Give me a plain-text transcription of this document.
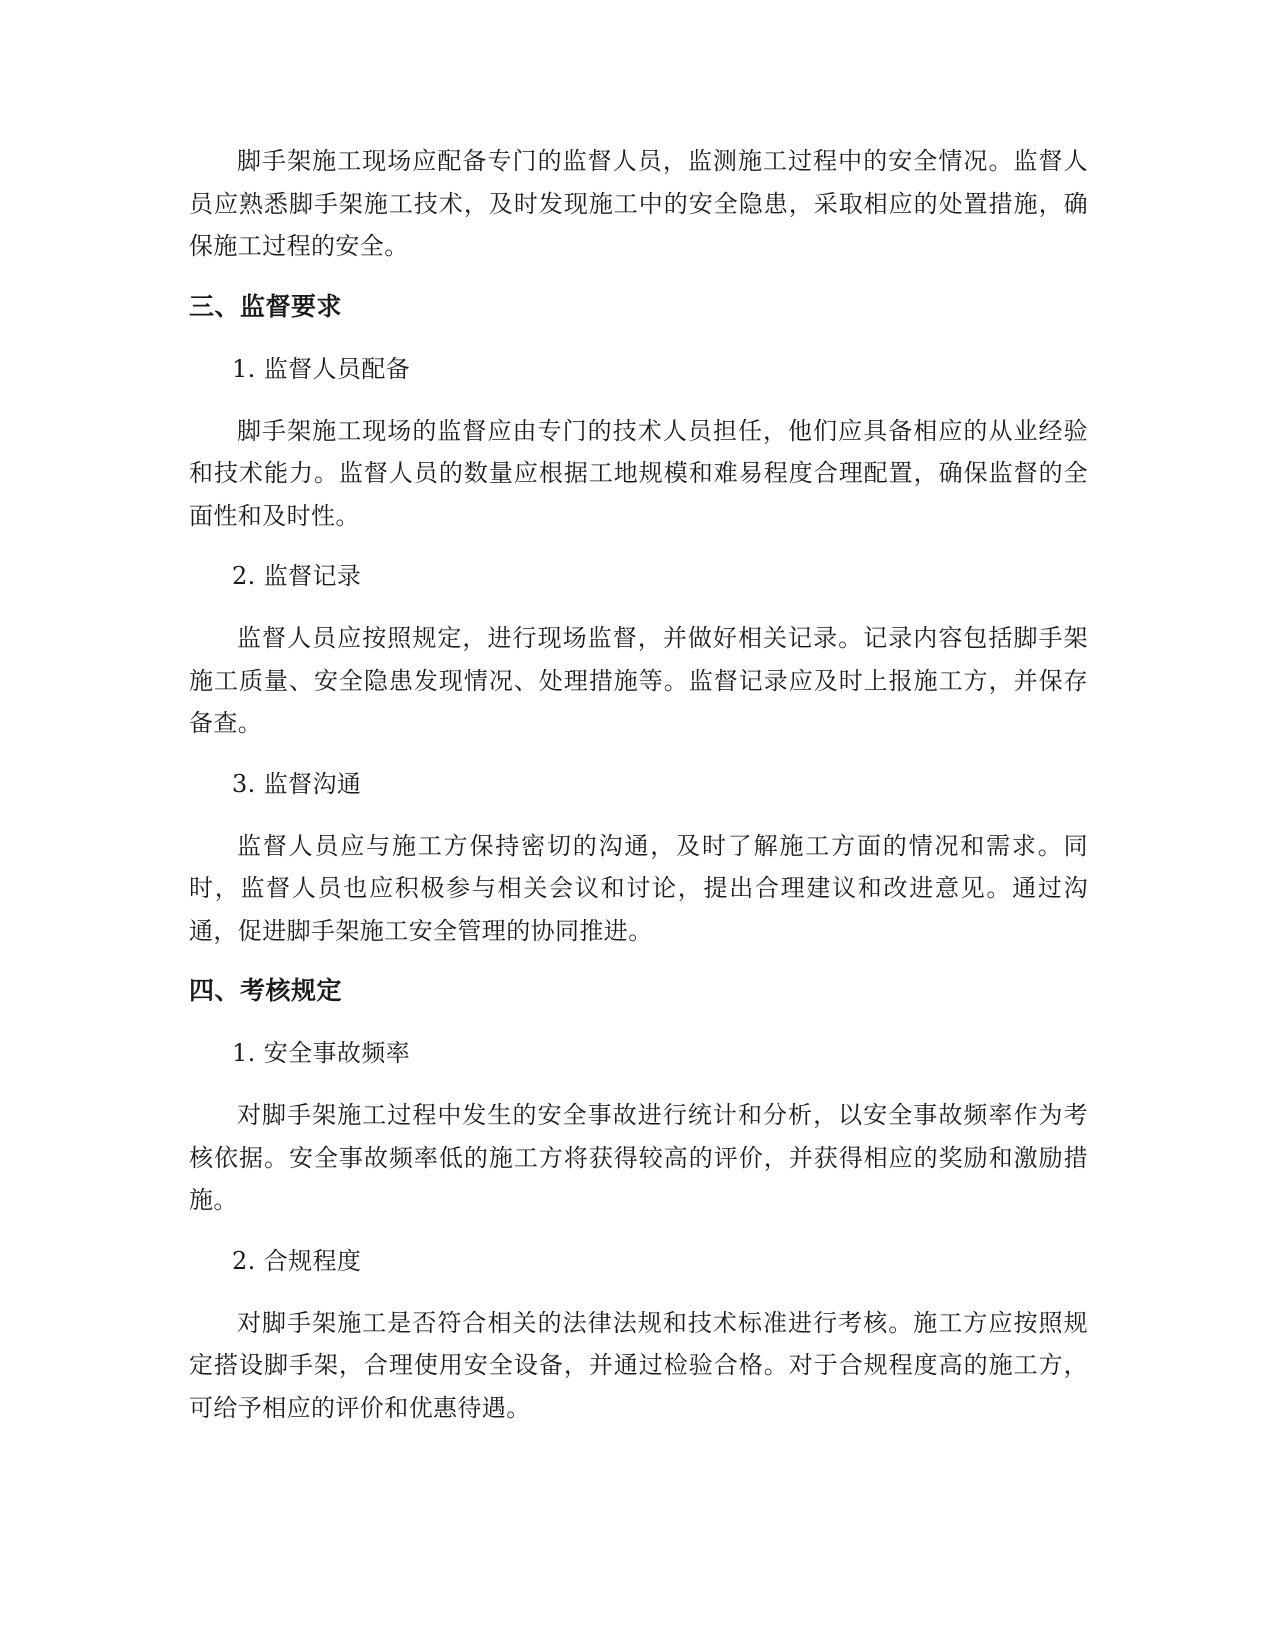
脚手架施工现场应配备专门的监督人员，监测施工过程中的安全情况。监督人员应熟悉脚手架施工技术，及时发现施工中的安全隐患，采取相应的处置措施，确保施工过程的安全。

三、监督要求
1. 监督人员配备

脚手架施工现场的监督应由专门的技术人员担任，他们应具备相应的从业经验和技术能力。监督人员的数量应根据工地规模和难易程度合理配置，确保监督的全面性和及时性。

2. 监督记录

监督人员应按照规定，进行现场监督，并做好相关记录。记录内容包括脚手架施工质量、安全隐患发现情况、处理措施等。监督记录应及时上报施工方，并保存备查。

3. 监督沟通

监督人员应与施工方保持密切的沟通，及时了解施工方面的情况和需求。同时，监督人员也应积极参与相关会议和讨论，提出合理建议和改进意见。通过沟通，促进脚手架施工安全管理的协同推进。

四、考核规定
1. 安全事故频率

对脚手架施工过程中发生的安全事故进行统计和分析，以安全事故频率作为考核依据。安全事故频率低的施工方将获得较高的评价，并获得相应的奖励和激励措施。

2. 合规程度

对脚手架施工是否符合相关的法律法规和技术标准进行考核。施工方应按照规定搭设脚手架，合理使用安全设备，并通过检验合格。对于合规程度高的施工方，可给予相应的评价和优惠待遇。
